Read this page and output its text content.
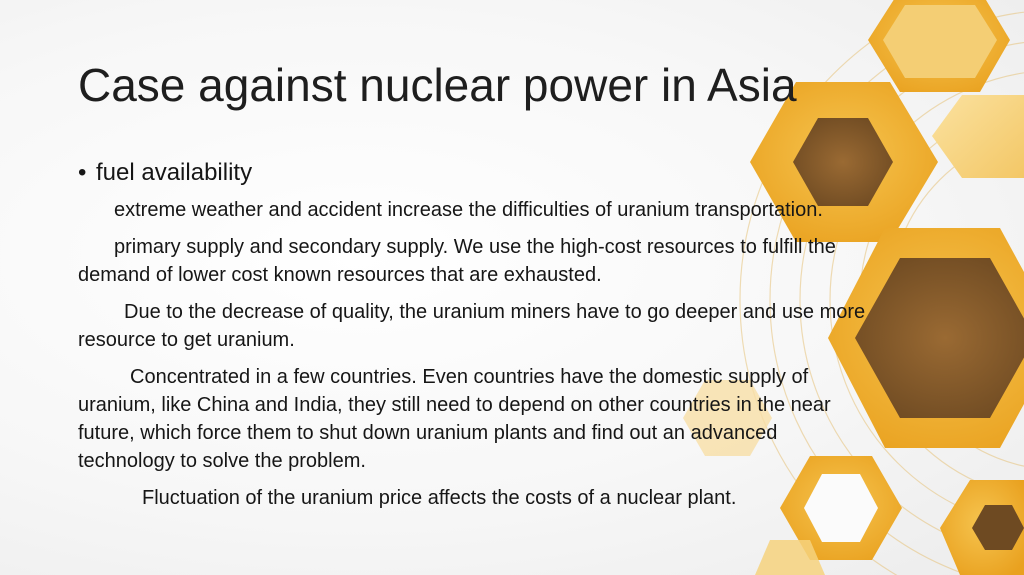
Case against nuclear power in Asia

• fuel availability

extreme weather and accident increase the difficulties of uranium transportation.

primary supply and secondary supply. We use the high-cost resources to fulfill the demand of lower cost known resources that are exhausted.

Due to the decrease of quality, the uranium miners have to go deeper and use more resource to get uranium.

Concentrated in a few countries. Even countries have the domestic supply of uranium, like China and India, they still need to depend on other countries in the near future, which force them to shut down uranium plants and find out an advanced technology to solve the problem.

Fluctuation of the uranium price affects the costs of a nuclear plant.
